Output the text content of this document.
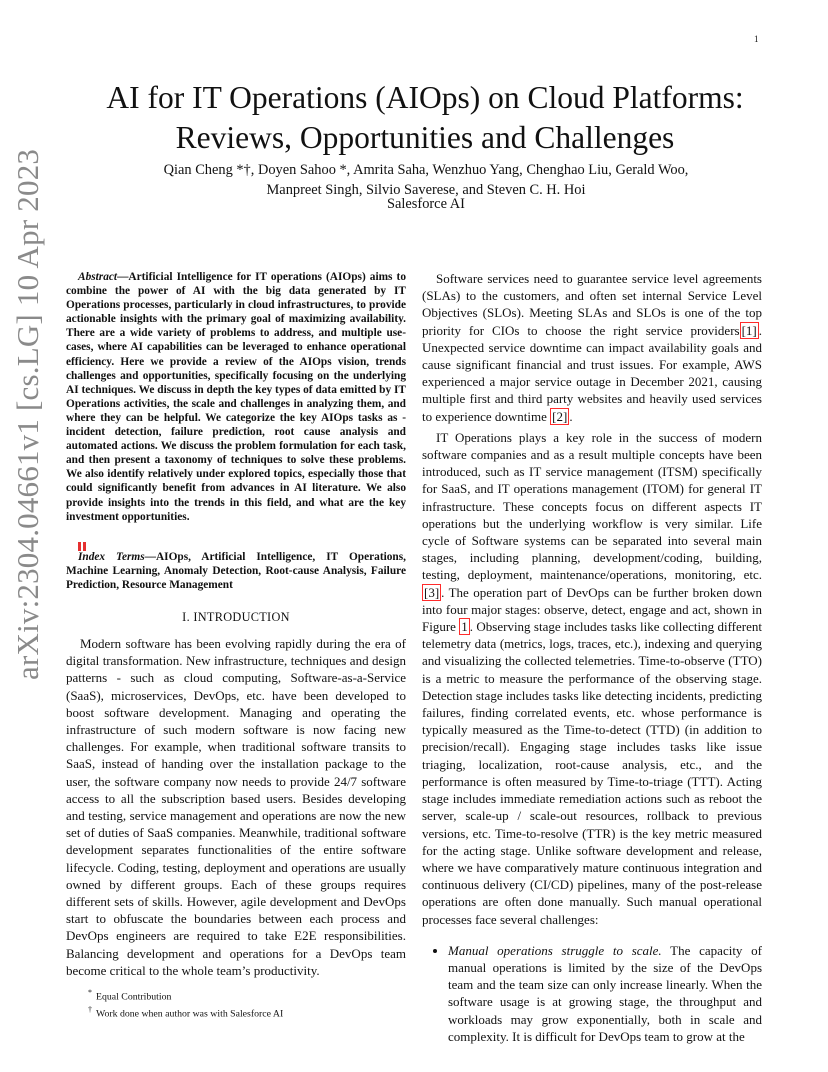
1
arXiv:2304.04661v1 [cs.LG] 10 Apr 2023
AI for IT Operations (AIOps) on Cloud Platforms:
Reviews, Opportunities and Challenges
Qian Cheng *†, Doyen Sahoo *, Amrita Saha, Wenzhuo Yang, Chenghao Liu, Gerald Woo,
Manpreet Singh, Silvio Saverese, and Steven C. H. Hoi
Salesforce AI

Abstract—Artificial Intelligence for IT operations (AIOps) aims to combine the power of AI with the big data generated by IT Operations processes, particularly in cloud infrastructures, to provide actionable insights with the primary goal of maximizing availability. There are a wide variety of problems to address, and multiple use-cases, where AI capabilities can be leveraged to enhance operational efficiency. Here we provide a review of the AIOps vision, trends challenges and opportunities, specifically focusing on the underlying AI techniques. We discuss in depth the key types of data emitted by IT Operations activities, the scale and challenges in analyzing them, and where they can be helpful. We categorize the key AIOps tasks as - incident detection, failure prediction, root cause analysis and automated actions. We discuss the problem formulation for each task, and then present a taxonomy of techniques to solve these problems. We also identify relatively under explored topics, especially those that could significantly benefit from advances in AI literature. We also provide insights into the trends in this field, and what are the key investment opportunities.

Index Terms—AIOps, Artificial Intelligence, IT Operations, Machine Learning, Anomaly Detection, Root-cause Analysis, Failure Prediction, Resource Management

I. INTRODUCTION

Modern software has been evolving rapidly during the era of digital transformation. New infrastructure, techniques and design patterns - such as cloud computing, Software-as-a-Service (SaaS), microservices, DevOps, etc. have been developed to boost software development. Managing and operating the infrastructure of such modern software is now facing new challenges. For example, when traditional software transits to SaaS, instead of handing over the installation package to the user, the software company now needs to provide 24/7 software access to all the subscription based users. Besides developing and testing, service management and operations are now the new set of duties of SaaS companies. Meanwhile, traditional software development separates functionalities of the entire software lifecycle. Coding, testing, deployment and operations are usually owned by different groups. Each of these groups requires different sets of skills. However, agile development and DevOps start to obfuscate the boundaries between each process and DevOps engineers are required to take E2E responsibilities. Balancing development and operations for a DevOps team become critical to the whole team’s productivity.

* Equal Contribution
† Work done when author was with Salesforce AI

Software services need to guarantee service level agreements (SLAs) to the customers, and often set internal Service Level Objectives (SLOs). Meeting SLAs and SLOs is one of the top priority for CIOs to choose the right service providers [1] . Unexpected service downtime can impact availability goals and cause significant financial and trust issues. For example, AWS experienced a major service outage in December 2021, causing multiple first and third party websites and heavily used services to experience downtime [2] .

IT Operations plays a key role in the success of modern software companies and as a result multiple concepts have been introduced, such as IT service management (ITSM) specifically for SaaS, and IT operations management (ITOM) for general IT infrastructure. These concepts focus on different aspects IT operations but the underlying workflow is very similar. Life cycle of Software systems can be separated into several main stages, including planning, development/coding, building, testing, deployment, maintenance/operations, monitoring, etc. [3] . The operation part of DevOps can be further broken down into four major stages: observe, detect, engage and act, shown in Figure 1 . Observing stage includes tasks like collecting different telemetry data (metrics, logs, traces, etc.), indexing and querying and visualizing the collected telemetries. Time-to-observe (TTO) is a metric to measure the performance of the observing stage. Detection stage includes tasks like detecting incidents, predicting failures, finding correlated events, etc. whose performance is typically measured as the Time-to-detect (TTD) (in addition to precision/recall). Engaging stage includes tasks like issue triaging, localization, root-cause analysis, etc., and the performance is often measured by Time-to-triage (TTT). Acting stage includes immediate remediation actions such as reboot the server, scale-up / scale-out resources, rollback to previous versions, etc. Time-to-resolve (TTR) is the key metric measured for the acting stage. Unlike software development and release, where we have comparatively mature continuous integration and continuous delivery (CI/CD) pipelines, many of the post-release operations are often done manually. Such manual operational processes face several challenges:

• Manual operations struggle to scale. The capacity of manual operations is limited by the size of the DevOps team and the team size can only increase linearly. When the software usage is at growing stage, the throughput and workloads may grow exponentially, both in scale and complexity. It is difficult for DevOps team to grow at the
